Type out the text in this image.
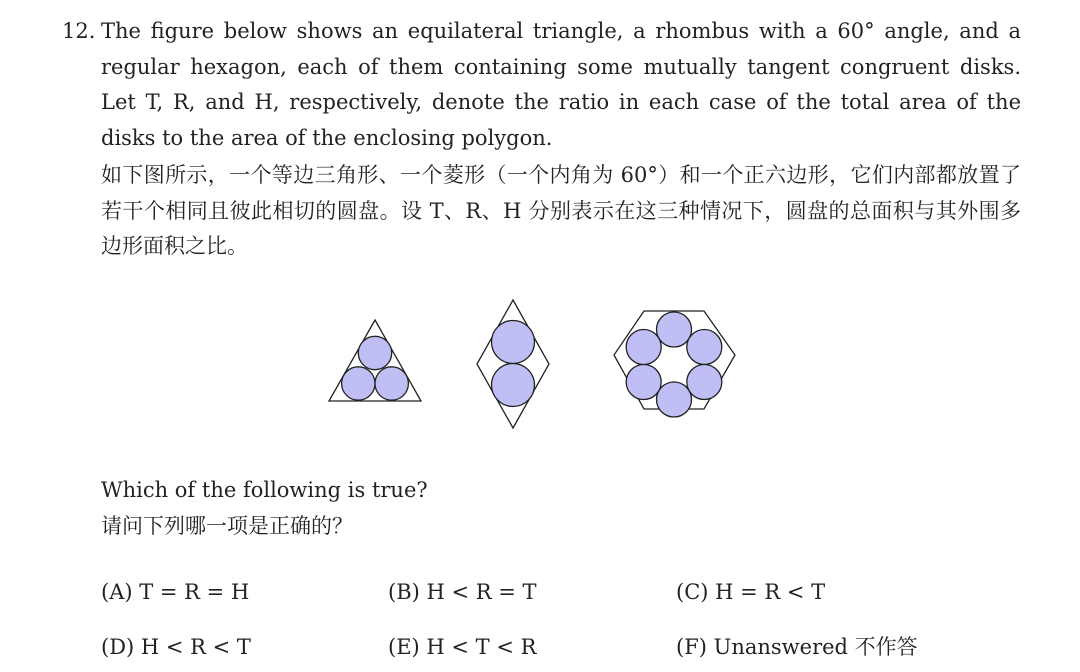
12. The figure below shows an equilateral triangle, a rhombus with a 60° angle, and a regular hexagon, each of them containing some mutually tangent congruent disks. Let T, R, and H, respectively, denote the ratio in each case of the total area of the disks to the area of the enclosing polygon.
如下图所示，一个等边三角形、一个菱形（一个内角为 60°）和一个正六边形，它们内部都放置了若干个相同且彼此相切的圆盘。设 T、R、H 分别表示在这三种情况下，圆盘的总面积与其外围多边形面积之比。
Which of the following is true?
请问下列哪一项是正确的？
(A) T = R = H	(B) H < R = T	(C) H = R < T
(D) H < R < T	(E) H < T < R	(F) Unanswered 不作答
